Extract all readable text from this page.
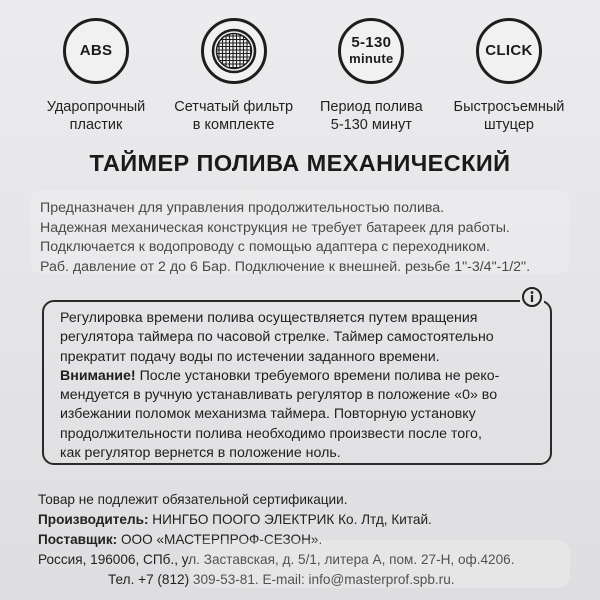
ABS
Ударопрочный
пластик
Сетчатый фильтр
в комплекте
5-130
minute
Период полива
5-130 минут
CLICK
Быстросъемный
штуцер
ТАЙМЕР ПОЛИВА МЕХАНИЧЕСКИЙ
Предназначен для управления продолжительностью полива.
Надежная механическая конструкция не требует батареек для работы.
Подключается к водопроводу с помощью адаптера с переходником.
Раб. давление от 2 до 6 Бар. Подключение к внешней. резьбе 1"-3/4"-1/2".
Регулировка времени полива осуществляется путем вращения
регулятора таймера по часовой стрелке. Таймер самостоятельно
прекратит подачу воды по истечении заданного времени.
Внимание! После установки требуемого времени полива не реко-
мендуется в ручную устанавливать регулятор в положение «0» во
избежании поломок механизма таймера. Повторную установку
продолжительности полива необходимо произвести после того,
как регулятор вернется в положение ноль.
Товар не подлежит обязательной сертификации.
Производитель: НИНГБО ПООГО ЭЛЕКТРИК Ко. Лтд, Китай.
Поставщик: ООО «МАСТЕРПРОФ-СЕЗОН».
Россия, 196006, СПб., ул. Заставская, д. 5/1, литера А, пом. 27-Н, оф.4206.
Тел. +7 (812) 309-53-81. E-mail: info@masterprof.spb.ru.
